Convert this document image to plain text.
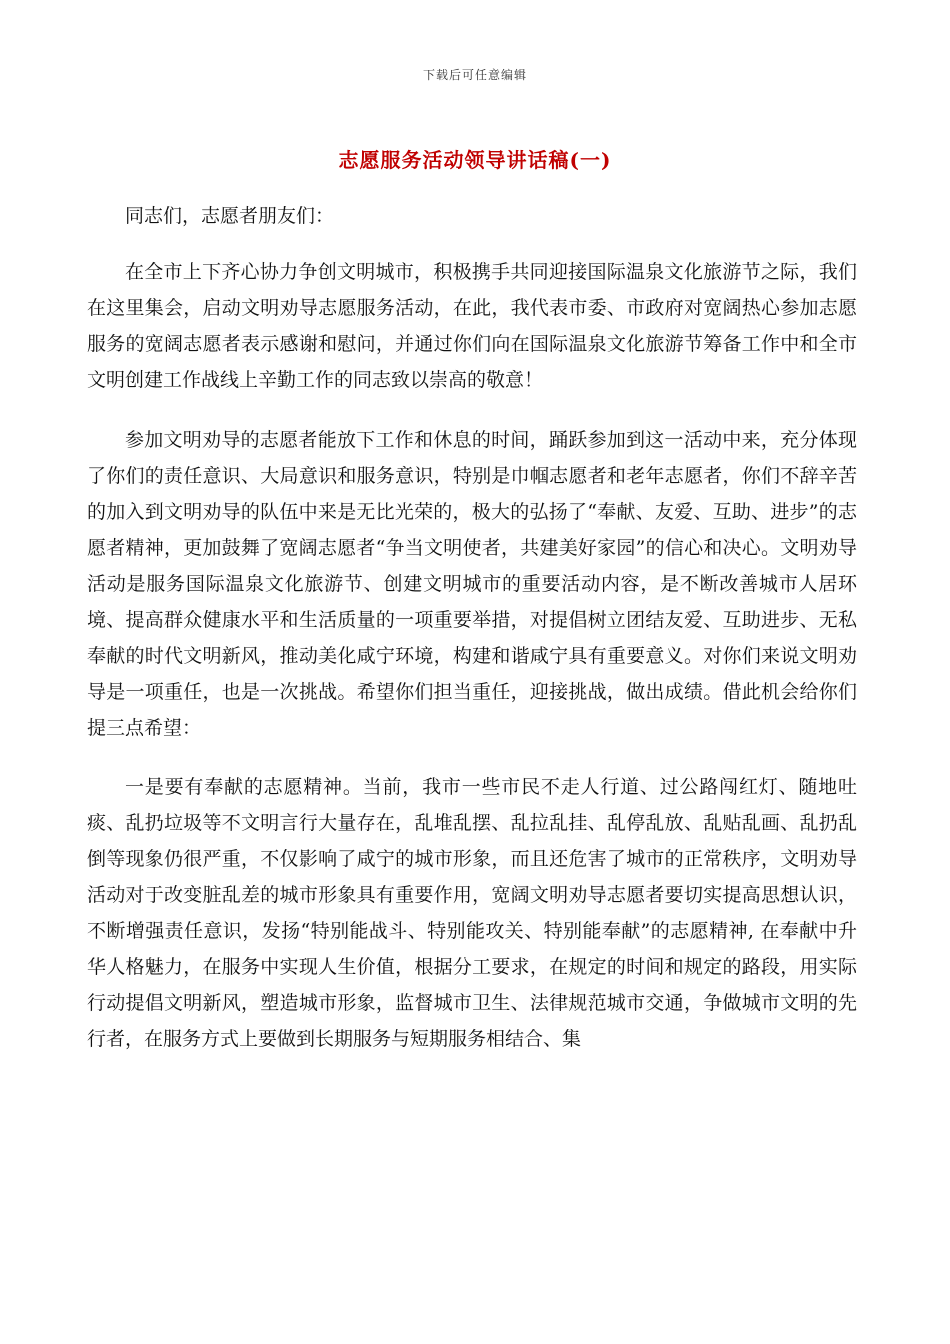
下载后可任意编辑
志愿服务活动领导讲话稿(一)

同志们，志愿者朋友们：

在全市上下齐心协力争创文明城市，积极携手共同迎接国际温泉文化旅游节之际，我们在这里集会，启动文明劝导志愿服务活动，在此，我代表市委、市政府对宽阔热心参加志愿服务的宽阔志愿者表示感谢和慰问，并通过你们向在国际温泉文化旅游节筹备工作中和全市文明创建工作战线上辛勤工作的同志致以崇高的敬意！

参加文明劝导的志愿者能放下工作和休息的时间，踊跃参加到这一活动中来，充分体现了你们的责任意识、大局意识和服务意识，特别是巾帼志愿者和老年志愿者，你们不辞辛苦的加入到文明劝导的队伍中来是无比光荣的，极大的弘扬了“奉献、友爱、互助、进步”的志愿者精神，更加鼓舞了宽阔志愿者“争当文明使者，共建美好家园”的信心和决心。文明劝导活动是服务国际温泉文化旅游节、创建文明城市的重要活动内容，是不断改善城市人居环境、提高群众健康水平和生活质量的一项重要举措，对提倡树立团结友爱、互助进步、无私奉献的时代文明新风，推动美化咸宁环境，构建和谐咸宁具有重要意义。对你们来说文明劝导是一项重任，也是一次挑战。希望你们担当重任，迎接挑战，做出成绩。借此机会给你们提三点希望：

一是要有奉献的志愿精神。当前，我市一些市民不走人行道、过公路闯红灯、随地吐痰、乱扔垃圾等不文明言行大量存在，乱堆乱摆、乱拉乱挂、乱停乱放、乱贴乱画、乱扔乱倒等现象仍很严重，不仅影响了咸宁的城市形象，而且还危害了城市的正常秩序，文明劝导活动对于改变脏乱差的城市形象具有重要作用，宽阔文明劝导志愿者要切实提高思想认识，不断增强责任意识，发扬“特别能战斗、特别能攻关、特别能奉献”的志愿精神, 在奉献中升华人格魅力，在服务中实现人生价值，根据分工要求，在规定的时间和规定的路段，用实际行动提倡文明新风，塑造城市形象，监督城市卫生、法律规范城市交通，争做城市文明的先行者，在服务方式上要做到长期服务与短期服务相结合、集
